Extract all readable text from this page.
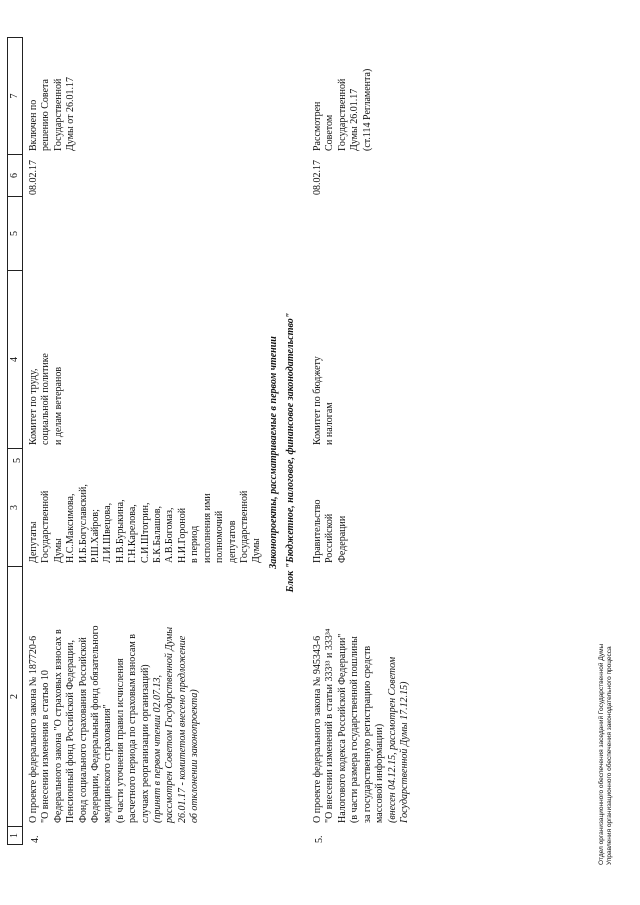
5
1
2
3
4
5
6
7
4.
О проекте федерального закона № 187720-6
"О внесении изменения в статью 10
Федерального закона "О страховых взносах в
Пенсионный фонд Российской Федерации,
Фонд социального страхования Российской
Федерации, Федеральный фонд обязательного
медицинского страхования"
(в части уточнения правил исчисления
расчетного периода по страховым взносам в
случаях реорганизации организаций)
(принят в первом чтении 02.07.13,
рассмотрен Советом Государственной Думы
26.01.17 - комитетом внесено предложение
об отклонении законопроекта)
Депутаты
Государственной
Думы
Н.С.Максимова,
И.Б.Богуславский,
Р.Ш.Хайров;
Л.И.Швецова,
Н.В.Бурыкина,
Г.Н.Карелова,
С.И.Штогрин,
Б.К.Балашов,
А.В.Богомаз,
Н.И.Гороной
в период
исполнения ими
полномочий
депутатов
Государственной
Думы
Комитет по труду,
социальной политике
и делам ветеранов
08.02.17
Включен по
решению Совета
Государственной
Думы от 26.01.17
Законопроекты, рассматриваемые в первом чтении Блок "Бюджетное, налоговое, финансовое законодательство"
5.
О проекте федерального закона № 945343-6
"О внесении изменений в статьи 333³³ и 333³⁴
Налогового кодекса Российской Федерации"
(в части размера государственной пошлины
за государственную регистрацию средств
массовой информации)
(внесен 04.12.15, рассмотрен Советом
Государственной Думы 17.12.15)
Правительство
Российской
Федерации
Комитет по бюджету
и налогам
08.02.17
Рассмотрен
Советом
Государственной
Думы 26.01.17
(ст.114 Регламента)
Отдел организационного обеспечения заседаний Государственной Думы Управления организационного обеспечения законодательного процесса
